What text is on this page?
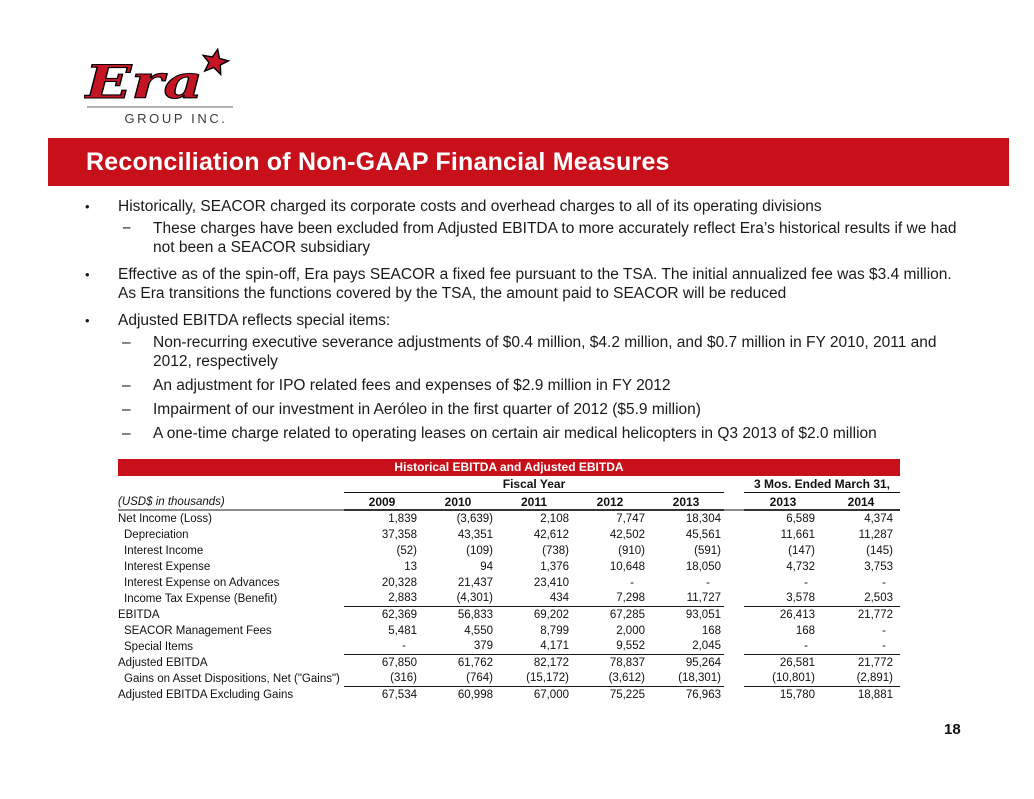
Era
GROUP INC.
Reconciliation of Non-GAAP Financial Measures
•	Historically, SEACOR charged its corporate costs and overhead charges to all of its operating divisions
−	These charges have been excluded from Adjusted EBITDA to more accurately reflect Era’s historical results if we had not been a SEACOR subsidiary
•	Effective as of the spin-off, Era pays SEACOR a fixed fee pursuant to the TSA. The initial annualized fee was $3.4 million. As Era transitions the functions covered by the TSA, the amount paid to SEACOR will be reduced
•	Adjusted EBITDA reflects special items:
–	Non-recurring executive severance adjustments of $0.4 million, $4.2 million, and $0.7 million in FY 2010, 2011 and 2012, respectively
–	An adjustment for IPO related fees and expenses of $2.9 million in FY 2012
–	Impairment of our investment in Aeróleo in the first quarter of 2012 ($5.9 million)
–	A one-time charge related to operating leases on certain air medical helicopters in Q3 2013 of $2.0 million
Historical EBITDA and Adjusted EBITDA
Fiscal Year	3 Mos. Ended March 31,
(USD$ in thousands)	2009	2010	2011	2012	2013	2013	2014
Net Income (Loss)	1,839	(3,639)	2,108	7,747	18,304	6,589	4,374
Depreciation	37,358	43,351	42,612	42,502	45,561	11,661	11,287
Interest Income	(52)	(109)	(738)	(910)	(591)	(147)	(145)
Interest Expense	13	94	1,376	10,648	18,050	4,732	3,753
Interest Expense on Advances	20,328	21,437	23,410	-	-	-	-
Income Tax Expense (Benefit)	2,883	(4,301)	434	7,298	11,727	3,578	2,503
EBITDA	62,369	56,833	69,202	67,285	93,051	26,413	21,772
SEACOR Management Fees	5,481	4,550	8,799	2,000	168	168	-
Special Items	-	379	4,171	9,552	2,045	-	-
Adjusted EBITDA	67,850	61,762	82,172	78,837	95,264	26,581	21,772
Gains on Asset Dispositions, Net ("Gains")	(316)	(764)	(15,172)	(3,612)	(18,301)	(10,801)	(2,891)
Adjusted EBITDA Excluding Gains	67,534	60,998	67,000	75,225	76,963	15,780	18,881
18
